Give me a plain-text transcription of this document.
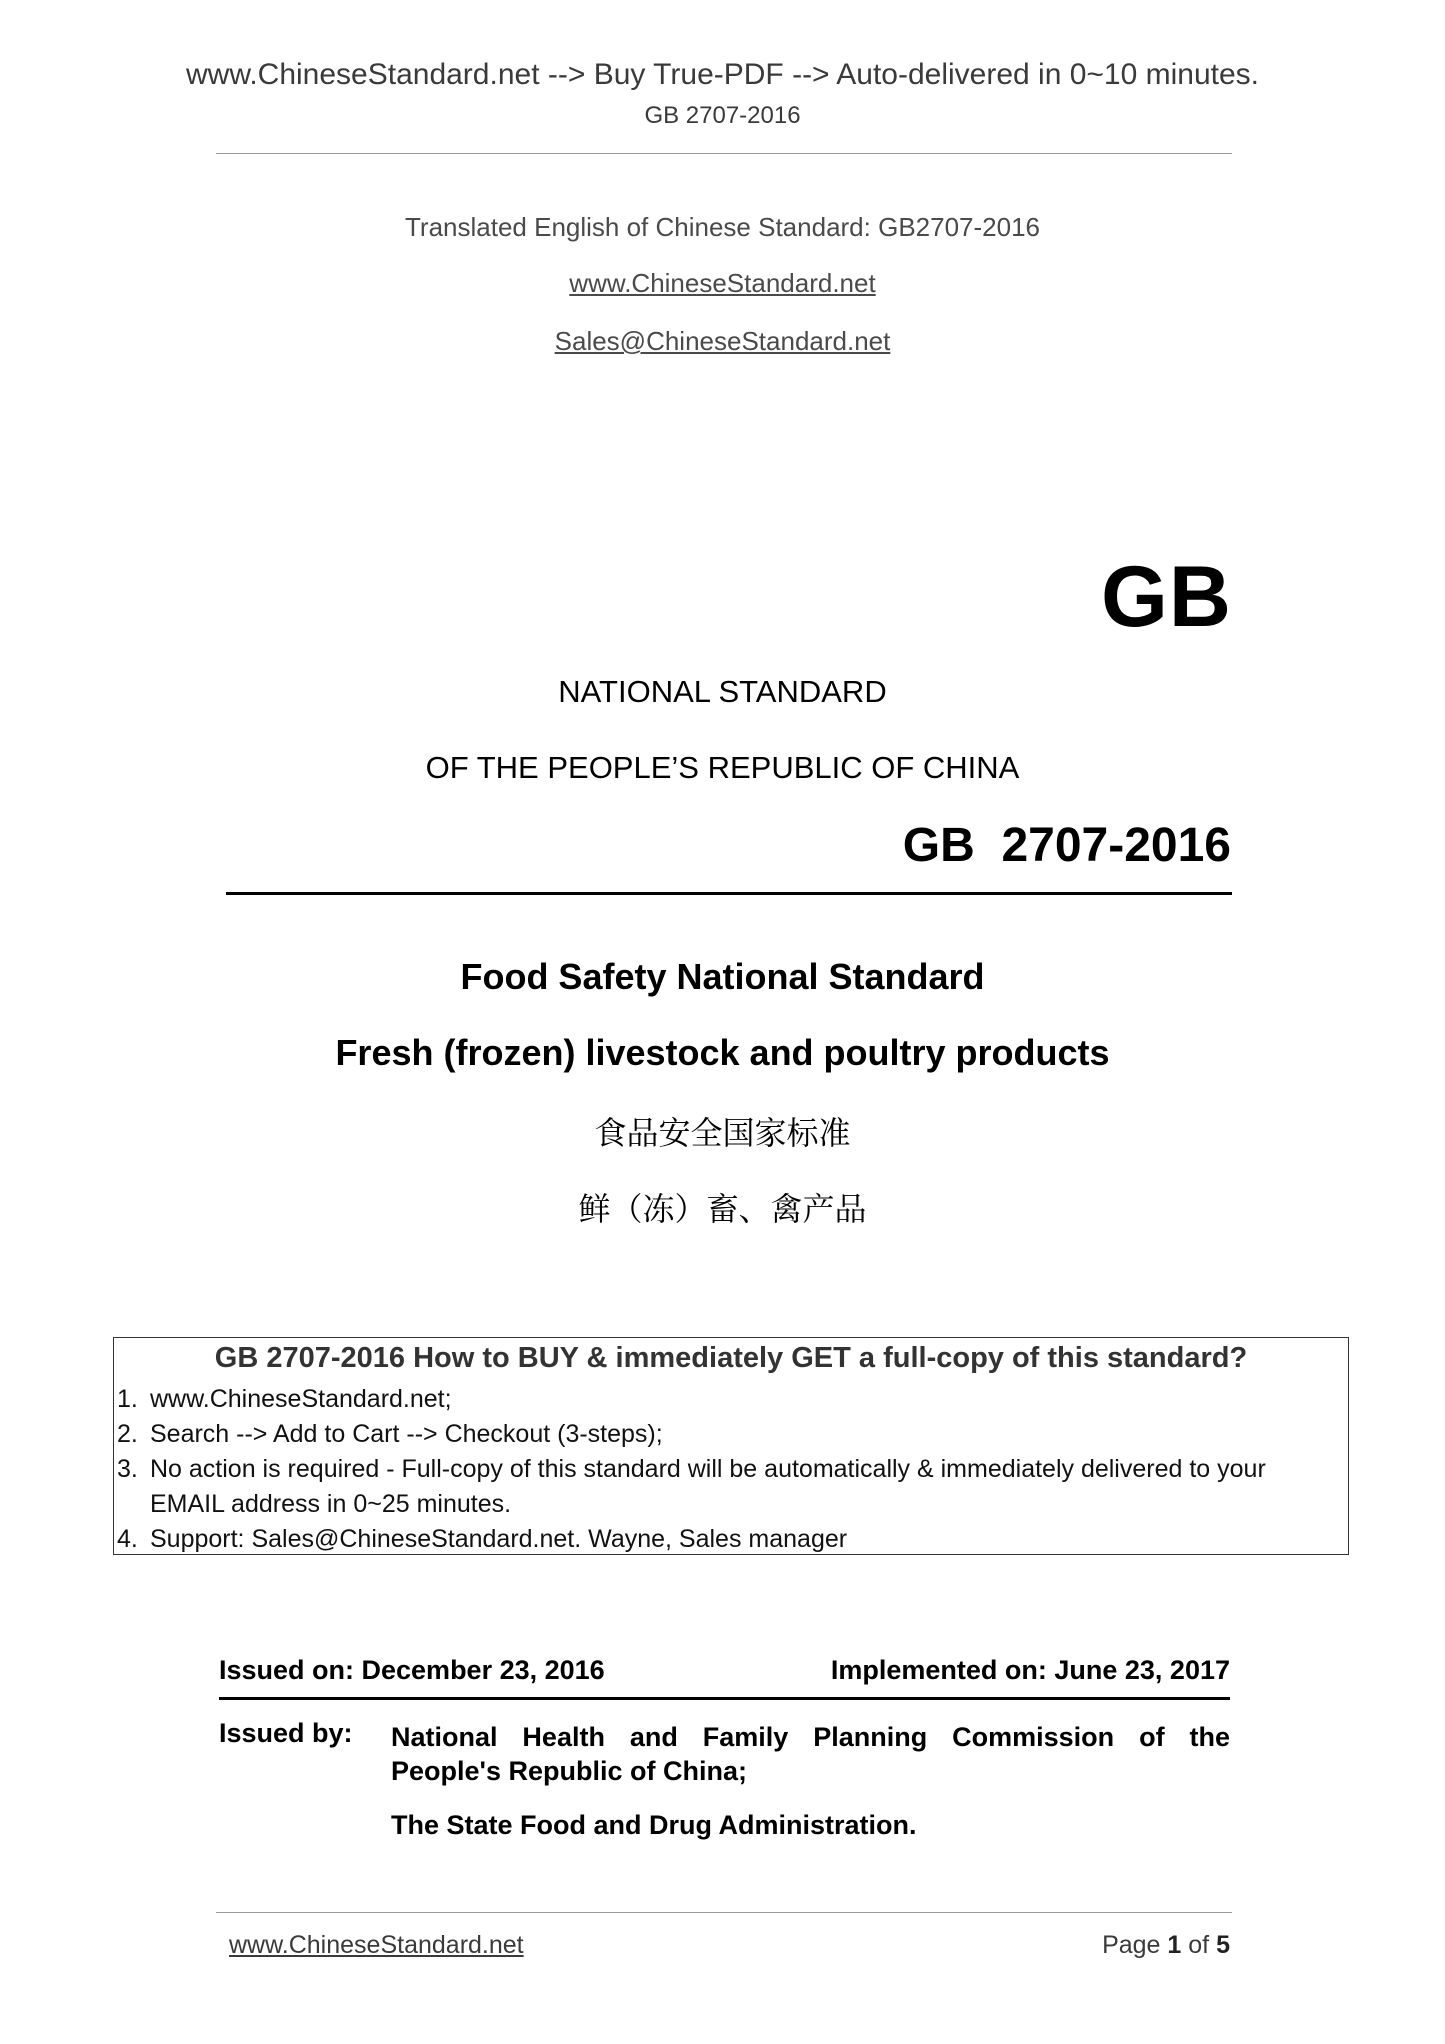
www.ChineseStandard.net --> Buy True-PDF --> Auto-delivered in 0~10 minutes.
GB 2707-2016
Translated English of Chinese Standard: GB2707-2016
www.ChineseStandard.net
Sales@ChineseStandard.net
GB
NATIONAL STANDARD
OF THE PEOPLE’S REPUBLIC OF CHINA
GB  2707-2016
Food Safety National Standard
Fresh (frozen) livestock and poultry products
食品安全国家标准
鲜（冻）畜、禽产品
GB 2707-2016 How to BUY & immediately GET a full-copy of this standard?
1. www.ChineseStandard.net;
2. Search --> Add to Cart --> Checkout (3-steps);
3. No action is required - Full-copy of this standard will be automatically & immediately delivered to your EMAIL address in 0~25 minutes.
4. Support: Sales@ChineseStandard.net. Wayne, Sales manager
Issued on: December 23, 2016	Implemented on: June 23, 2017
Issued by: National Health and Family Planning Commission of the
People's Republic of China;
The State Food and Drug Administration.
www.ChineseStandard.net	Page 1 of 5
